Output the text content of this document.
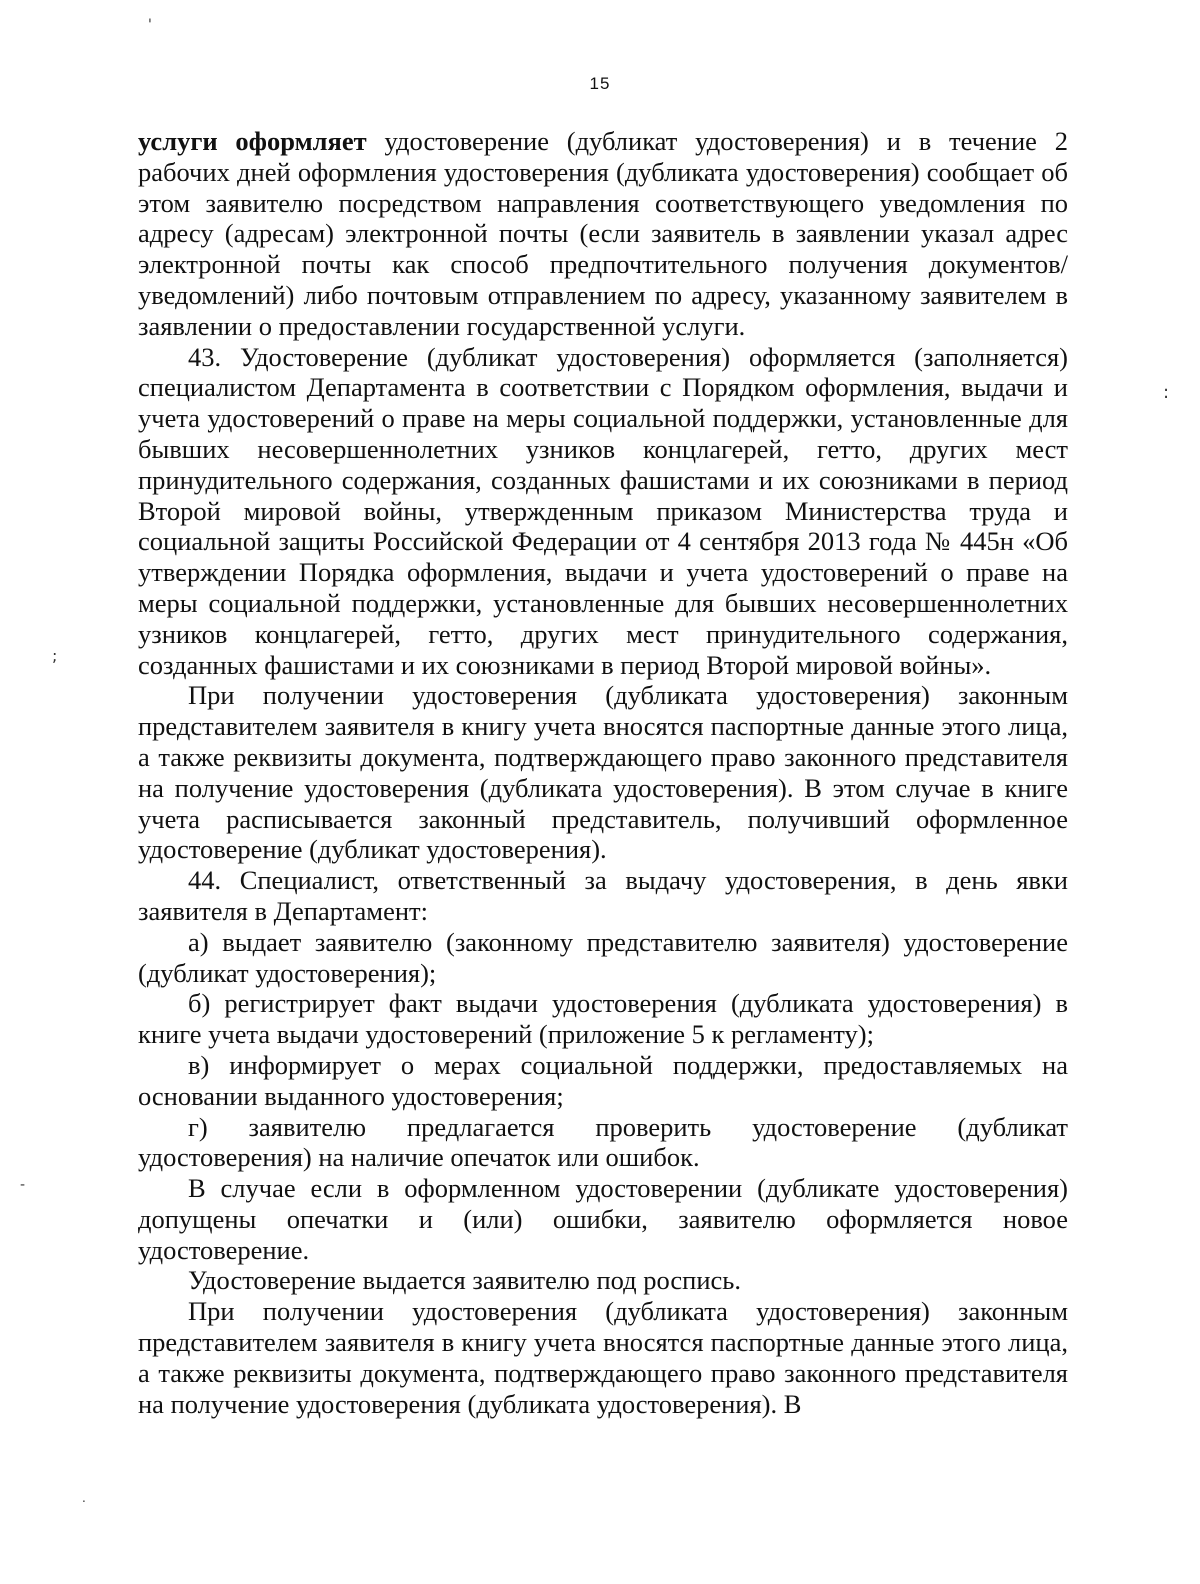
15

услуги оформляет удостоверение (дубликат удостоверения) и в течение 2 рабочих дней оформления удостоверения (дубликата удостоверения) сообщает об этом заявителю посредством направления соответствующего уведомления по адресу (адресам) электронной почты (если заявитель в заявлении указал адрес электронной почты как способ предпочтительного получения документов/уведомлений) либо почтовым отправлением по адресу, указанному заявителем в заявлении о предоставлении государственной услуги.

43. Удостоверение (дубликат удостоверения) оформляется (заполняется) специалистом Департамента в соответствии с Порядком оформления, выдачи и учета удостоверений о праве на меры социальной поддержки, установленные для бывших несовершеннолетних узников концлагерей, гетто, других мест принудительного содержания, созданных фашистами и их союзниками в период Второй мировой войны, утвержденным приказом Министерства труда и социальной защиты Российской Федерации от 4 сентября 2013 года № 445н «Об утверждении Порядка оформления, выдачи и учета удостоверений о праве на меры социальной поддержки, установленные для бывших несовершеннолетних узников концлагерей, гетто, других мест принудительного содержания, созданных фашистами и их союзниками в период Второй мировой войны».

При получении удостоверения (дубликата удостоверения) законным представителем заявителя в книгу учета вносятся паспортные данные этого лица, а также реквизиты документа, подтверждающего право законного представителя на получение удостоверения (дубликата удостоверения). В этом случае в книге учета расписывается законный представитель, получивший оформленное удостоверение (дубликат удостоверения).

44. Специалист, ответственный за выдачу удостоверения, в день явки заявителя в Департамент:

а) выдает заявителю (законному представителю заявителя) удостоверение (дубликат удостоверения);

б) регистрирует факт выдачи удостоверения (дубликата удостоверения) в книге учета выдачи удостоверений (приложение 5 к регламенту);

в) информирует о мерах социальной поддержки, предоставляемых на основании выданного удостоверения;

г) заявителю предлагается проверить удостоверение (дубликат удостоверения) на наличие опечаток или ошибок.

В случае если в оформленном удостоверении (дубликате удостоверения) допущены опечатки и (или) ошибки, заявителю оформляется новое удостоверение.

Удостоверение выдается заявителю под роспись.

При получении удостоверения (дубликата удостоверения) законным представителем заявителя в книгу учета вносятся паспортные данные этого лица, а также реквизиты документа, подтверждающего право законного представителя на получение удостоверения (дубликата удостоверения). В

'
:
;
-
.
